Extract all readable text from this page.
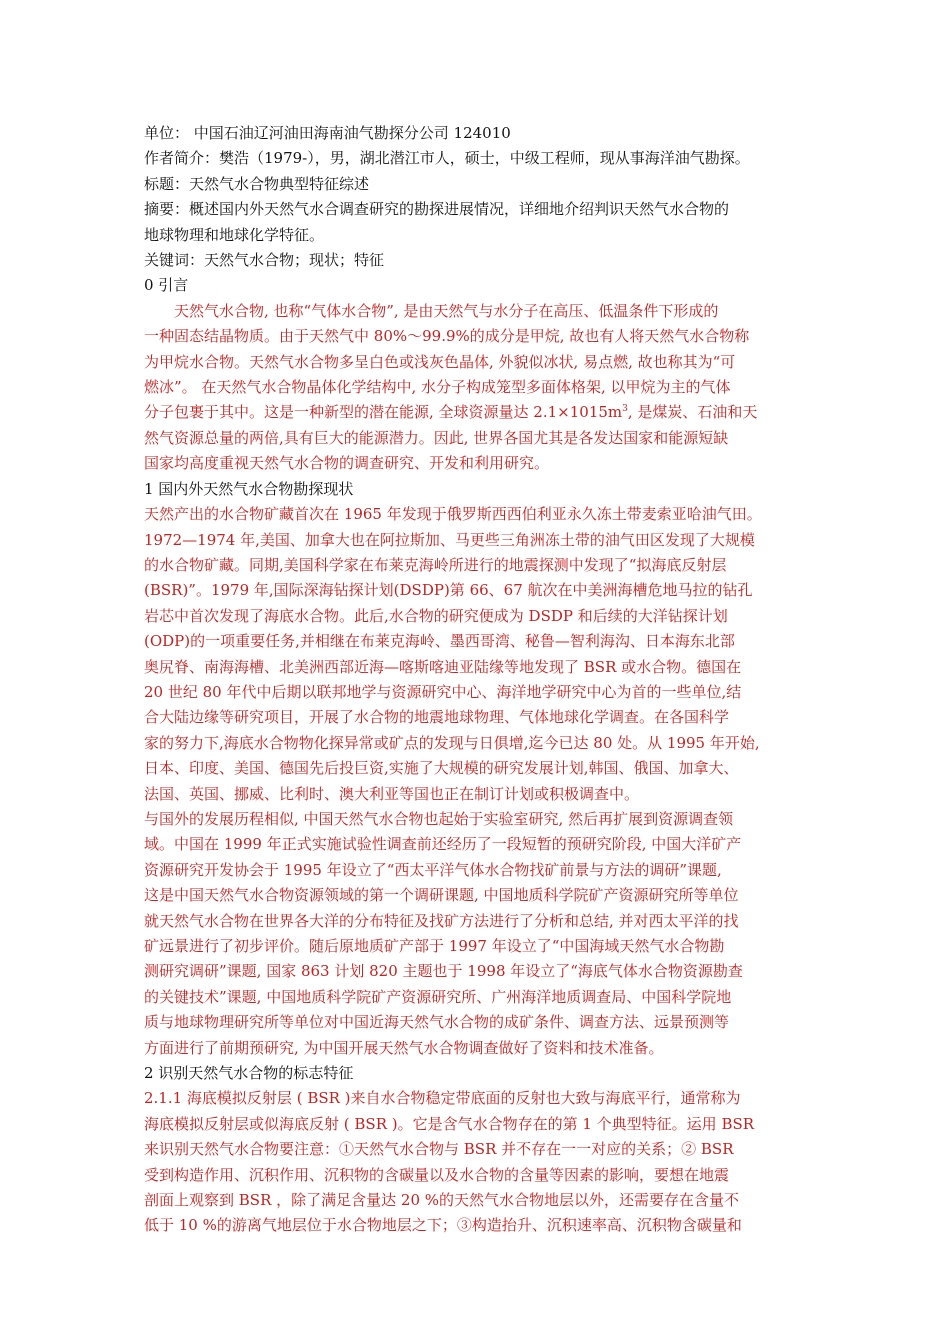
单位： 中国石油辽河油田海南油气勘探分公司 124010
作者简介：樊浩（1979-），男，湖北潜江市人，硕士，中级工程师，现从事海洋油气勘探。
标题：天然气水合物典型特征综述
摘要：概述国内外天然气水合调查研究的勘探进展情况，详细地介绍判识天然气水合物的
地球物理和地球化学特征。
关键词：天然气水合物；现状；特征
0 引言
天然气水合物, 也称“气体水合物”, 是由天然气与水分子在高压、低温条件下形成的
一种固态结晶物质。由于天然气中 80%～99.9%的成分是甲烷, 故也有人将天然气水合物称
为甲烷水合物。天然气水合物多呈白色或浅灰色晶体, 外貌似冰状, 易点燃, 故也称其为“可
燃冰”。 在天然气水合物晶体化学结构中, 水分子构成笼型多面体格架, 以甲烷为主的气体
分子包裹于其中。这是一种新型的潜在能源, 全球资源量达 $2.1\times 1015m^3$, 是煤炭、石油和天
然气资源总量的两倍,具有巨大的能源潜力。因此, 世界各国尤其是各发达国家和能源短缺
国家均高度重视天然气水合物的调查研究、开发和利用研究。
1 国内外天然气水合物勘探现状
天然产出的水合物矿藏首次在 1965 年发现于俄罗斯西西伯利亚永久冻土带麦索亚哈油气田。
1972—1974 年,美国、加拿大也在阿拉斯加、马更些三角洲冻土带的油气田区发现了大规模
的水合物矿藏。同期,美国科学家在布莱克海岭所进行的地震探测中发现了“拟海底反射层
(BSR)”。1979 年,国际深海钻探计划(DSDP)第 66、67 航次在中美洲海槽危地马拉的钻孔
岩芯中首次发现了海底水合物。此后,水合物的研究便成为 DSDP 和后续的大洋钻探计划
(ODP)的一项重要任务,并相继在布莱克海岭、墨西哥湾、秘鲁—智利海沟、日本海东北部
奥尻脊、南海海槽、北美洲西部近海—喀斯喀迪亚陆缘等地发现了 BSR 或水合物。德国在
20 世纪 80 年代中后期以联邦地学与资源研究中心、海洋地学研究中心为首的一些单位,结
合大陆边缘等研究项目，开展了水合物的地震地球物理、气体地球化学调查。在各国科学
家的努力下,海底水合物物化探异常或矿点的发现与日俱增,迄今已达 80 处。从 1995 年开始,
日本、印度、美国、德国先后投巨资,实施了大规模的研究发展计划,韩国、俄国、加拿大、
法国、英国、挪威、比利时、澳大利亚等国也正在制订计划或积极调查中。
与国外的发展历程相似, 中国天然气水合物也起始于实验室研究, 然后再扩展到资源调查领
域。中国在 1999 年正式实施试验性调查前还经历了一段短暂的预研究阶段, 中国大洋矿产
资源研究开发协会于 1995 年设立了“西太平洋气体水合物找矿前景与方法的调研”课题,
这是中国天然气水合物资源领域的第一个调研课题, 中国地质科学院矿产资源研究所等单位
就天然气水合物在世界各大洋的分布特征及找矿方法进行了分析和总结, 并对西太平洋的找
矿远景进行了初步评价。随后原地质矿产部于 1997 年设立了“中国海域天然气水合物勘
测研究调研”课题, 国家 863 计划 820 主题也于 1998 年设立了“海底气体水合物资源勘查
的关键技术”课题, 中国地质科学院矿产资源研究所、广州海洋地质调查局、中国科学院地
质与地球物理研究所等单位对中国近海天然气水合物的成矿条件、调查方法、远景预测等
方面进行了前期预研究, 为中国开展天然气水合物调查做好了资料和技术准备。
2 识别天然气水合物的标志特征
2.1.1 海底模拟反射层 ( BSR )来自水合物稳定带底面的反射也大致与海底平行，通常称为
海底模拟反射层或似海底反射 ( BSR )。它是含气水合物存在的第 1 个典型特征。运用 BSR
来识别天然气水合物要注意：①天然气水合物与 BSR 并不存在一一对应的关系；② BSR
受到构造作用、沉积作用、沉积物的含碳量以及水合物的含量等因素的影响，要想在地震
剖面上观察到 BSR ，除了满足含量达 20 %的天然气水合物地层以外，还需要存在含量不
低于 10 %的游离气地层位于水合物地层之下；③构造抬升、沉积速率高、沉积物含碳量和
